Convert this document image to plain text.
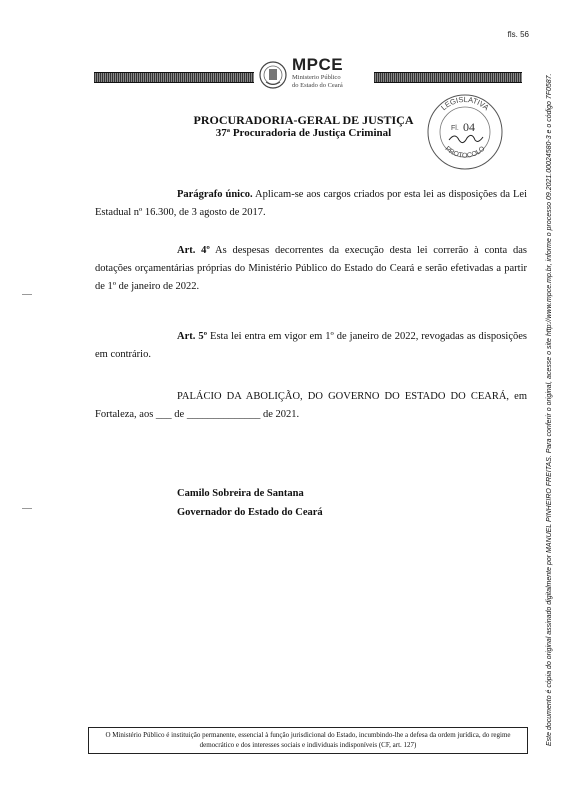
fls. 56
MPCE
Ministerio Público
do Estado do Ceará
PROCURADORIA-GERAL DE JUSTIÇA
37ª Procuradoria de Justiça Criminal
LEGISLATIVA
PROTOCOLO
Fl. 04
Parágrafo único. Aplicam-se aos cargos criados por esta lei as disposições da Lei Estadual nº 16.300, de 3 agosto de 2017.
Art. 4º As despesas decorrentes da execução desta lei correrão à conta das dotações orçamentárias próprias do Ministério Público do Estado do Ceará e serão efetivadas a partir de 1º de janeiro de 2022.
Art. 5º Esta lei entra em vigor em 1º de janeiro de 2022, revogadas as disposições em contrário.
PALÁCIO DA ABOLIÇÃO, DO GOVERNO DO ESTADO DO CEARÁ, em Fortaleza, aos ___ de ______________ de 2021.
Camilo Sobreira de Santana
Governador do Estado do Ceará	Este documento é cópia do original assinado digitalmente por MANUEL PINHEIRO FREITAS. Para conferir o original, acesse o site http://www.mpce.mp.br, informe o processo 09.2021.00024580-3 e o código 7F0587.
O Ministério Público é instituição permanente, essencial à função jurisdicional do Estado, incumbindo-lhe a defesa da ordem jurídica, do regime democrático e dos interesses sociais e individuais indisponíveis (CF, art. 127)
